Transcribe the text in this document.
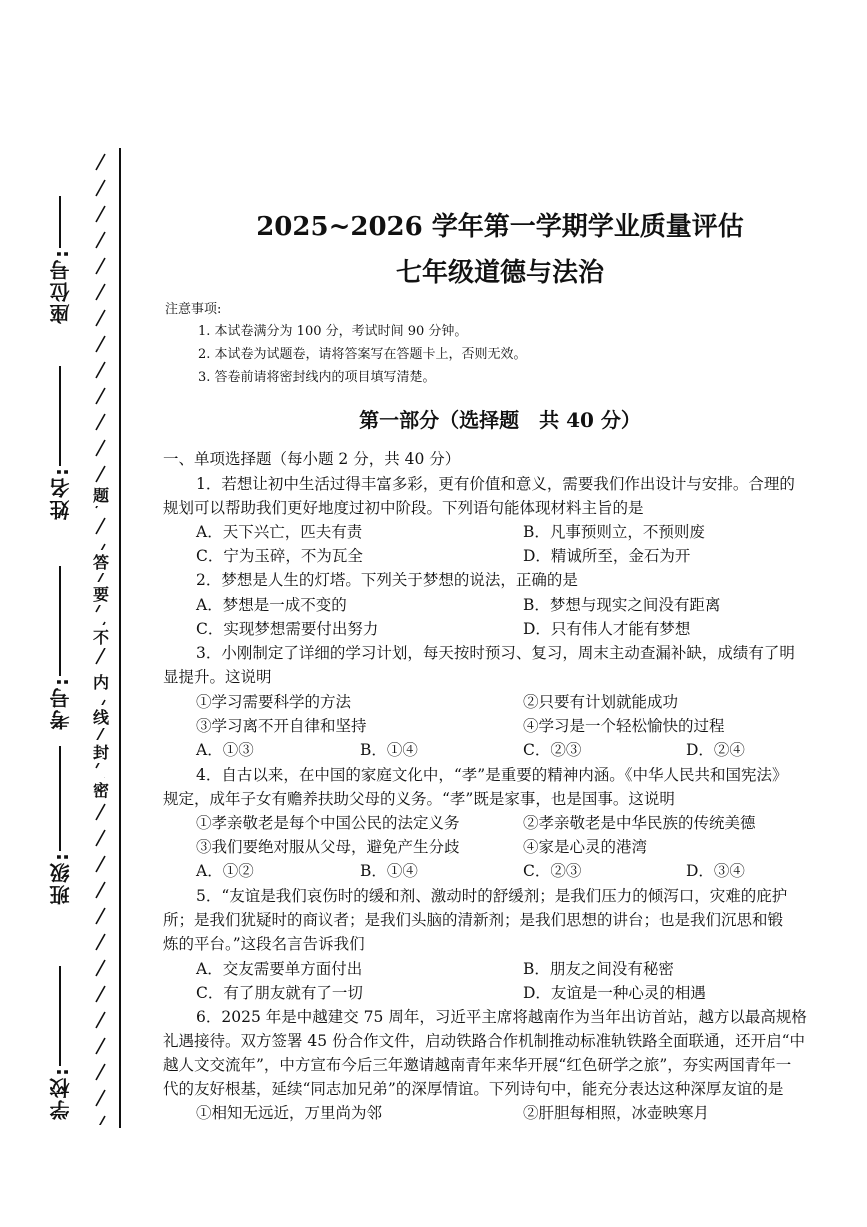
座位号:
姓名:
考号:
班级:
学校:
题
答
要
不
内
线
封
密
2025~2026 学年第一学期学业质量评估
七年级道德与法治
注意事项:
1. 本试卷满分为 100 分，考试时间 90 分钟。
2. 本试卷为试题卷，请将答案写在答题卡上，否则无效。
3. 答卷前请将密封线内的项目填写清楚。
第一部分（选择题　共 40 分）
一、单项选择题（每小题 2 分，共 40 分）
1．若想让初中生活过得丰富多彩，更有价值和意义，需要我们作出设计与安排。合理的
规划可以帮助我们更好地度过初中阶段。下列语句能体现材料主旨的是
A．天下兴亡，匹夫有责	B．凡事预则立，不预则废
C．宁为玉碎，不为瓦全	D．精诚所至，金石为开
2．梦想是人生的灯塔。下列关于梦想的说法，正确的是
A．梦想是一成不变的	B．梦想与现实之间没有距离
C．实现梦想需要付出努力	D．只有伟人才能有梦想
3．小刚制定了详细的学习计划，每天按时预习、复习，周末主动查漏补缺，成绩有了明
显提升。这说明
①学习需要科学的方法	②只要有计划就能成功
③学习离不开自律和坚持	④学习是一个轻松愉快的过程
A．①③	B．①④	C．②③	D．②④
4．自古以来，在中国的家庭文化中，“孝”是重要的精神内涵。《中华人民共和国宪法》
规定，成年子女有赡养扶助父母的义务。“孝”既是家事，也是国事。这说明
①孝亲敬老是每个中国公民的法定义务	②孝亲敬老是中华民族的传统美德
③我们要绝对服从父母，避免产生分歧	④家是心灵的港湾
A．①②	B．①④	C．②③	D．③④
5．“友谊是我们哀伤时的缓和剂、激动时的舒缓剂；是我们压力的倾泻口，灾难的庇护
所；是我们犹疑时的商议者；是我们头脑的清新剂；是我们思想的讲台；也是我们沉思和锻
炼的平台。”这段名言告诉我们
A．交友需要单方面付出	B．朋友之间没有秘密
C．有了朋友就有了一切	D．友谊是一种心灵的相遇
6．2025 年是中越建交 75 周年，习近平主席将越南作为当年出访首站，越方以最高规格
礼遇接待。双方签署 45 份合作文件，启动铁路合作机制推动标准轨铁路全面联通，还开启“中
越人文交流年”，中方宣布今后三年邀请越南青年来华开展“红色研学之旅”，夯实两国青年一
代的友好根基，延续“同志加兄弟”的深厚情谊。下列诗句中，能充分表达这种深厚友谊的是
①相知无远近，万里尚为邻	②肝胆每相照，冰壶映寒月
